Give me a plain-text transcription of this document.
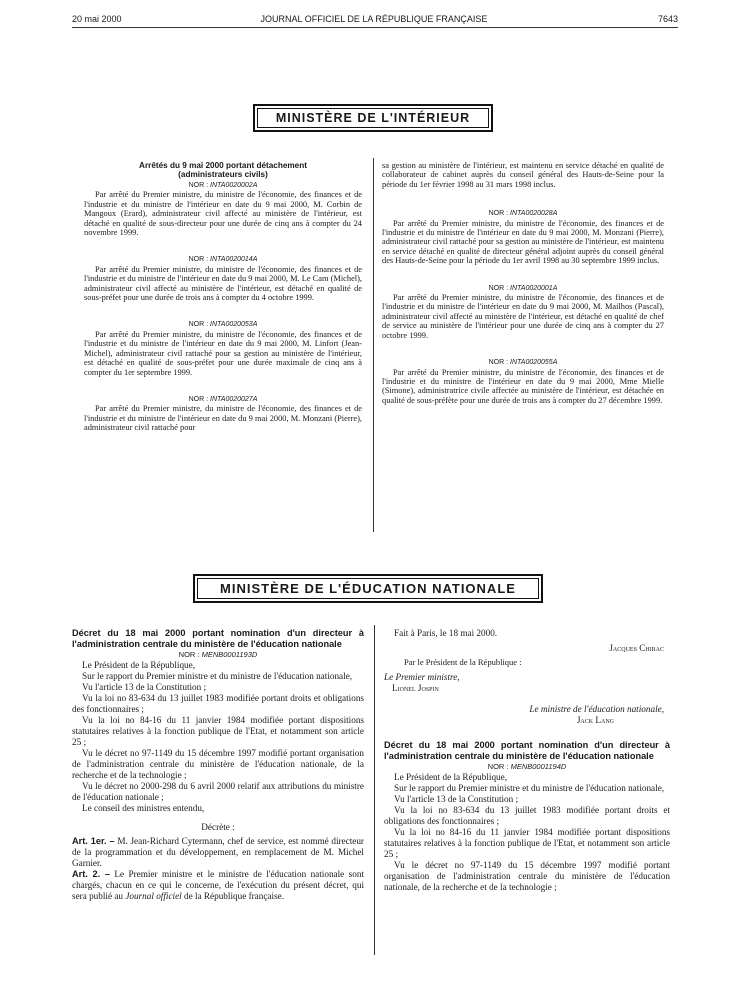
20 mai 2000	JOURNAL OFFICIEL DE LA RÉPUBLIQUE FRANÇAISE	7643
MINISTÈRE DE L'INTÉRIEUR

Arrêtés du 9 mai 2000 portant détachement

(administrateurs civils)

NOR : INTA0020002A

Par arrêté du Premier ministre, du ministre de l'économie, des finances et de l'industrie et du ministre de l'intérieur en date du 9 mai 2000, M. Corbin de Mangoux (Erard), administrateur civil affecté au ministère de l'intérieur, est détaché en qualité de sous-directeur pour une durée de cinq ans à compter du 24 novembre 1999.

NOR : INTA0020014A

Par arrêté du Premier ministre, du ministre de l'économie, des finances et de l'industrie et du ministre de l'intérieur en date du 9 mai 2000, M. Le Cam (Michel), administrateur civil affecté au ministère de l'intérieur, est détaché en qualité de sous-préfet pour une durée de trois ans à compter du 4 octobre 1999.

NOR : INTA0020053A

Par arrêté du Premier ministre, du ministre de l'économie, des finances et de l'industrie et du ministre de l'intérieur en date du 9 mai 2000, M. Linfort (Jean-Michel), administrateur civil rattaché pour sa gestion au ministère de l'intérieur, est détaché en qualité de sous-préfet pour une durée maximale de cinq ans à compter du 1er septembre 1999.

NOR : INTA0020027A

Par arrêté du Premier ministre, du ministre de l'économie, des finances et de l'industrie et du ministre de l'intérieur en date du 9 mai 2000, M. Monzani (Pierre), administrateur civil rattaché pour

sa gestion au ministère de l'intérieur, est maintenu en service détaché en qualité de collaborateur de cabinet auprès du conseil général des Hauts-de-Seine pour la période du 1er février 1998 au 31 mars 1998 inclus.

NOR : INTA0020028A

Par arrêté du Premier ministre, du ministre de l'économie, des finances et de l'industrie et du ministre de l'intérieur en date du 9 mai 2000, M. Monzani (Pierre), administrateur civil rattaché pour sa gestion au ministère de l'intérieur, est maintenu en service détaché en qualité de directeur général adjoint auprès du conseil général des Hauts-de-Seine pour la période du 1er avril 1998 au 30 septembre 1999 inclus.

NOR : INTA0020001A

Par arrêté du Premier ministre, du ministre de l'économie, des finances et de l'industrie et du ministre de l'intérieur en date du 9 mai 2000, M. Mailhos (Pascal), administrateur civil affecté au ministère de l'intérieur, est détaché en qualité de chef de service au ministère de l'intérieur pour une durée de cinq ans à compter du 27 octobre 1999.

NOR : INTA0020055A

Par arrêté du Premier ministre, du ministre de l'économie, des finances et de l'industrie et du ministre de l'intérieur en date du 9 mai 2000, Mme Mielle (Simone), administratrice civile affectée au ministère de l'intérieur, est détachée en qualité de sous-préfète pour une durée de trois ans à compter du 27 décembre 1999.

MINISTÈRE DE L'ÉDUCATION NATIONALE

Décret du 18 mai 2000 portant nomination d'un directeur à l'administration centrale du ministère de l'éducation nationale

NOR : MENB0001193D

Le Président de la République,

Sur le rapport du Premier ministre et du ministre de l'éducation nationale,

Vu l'article 13 de la Constitution ;

Vu la loi no 83-634 du 13 juillet 1983 modifiée portant droits et obligations des fonctionnaires ;

Vu la loi no 84-16 du 11 janvier 1984 modifiée portant dispositions statutaires relatives à la fonction publique de l'Etat, et notamment son article 25 ;

Vu le décret no 97-1149 du 15 décembre 1997 modifié portant organisation de l'administration centrale du ministère de l'éducation nationale, de la recherche et de la technologie ;

Vu le décret no 2000-298 du 6 avril 2000 relatif aux attributions du ministre de l'éducation nationale ;

Le conseil des ministres entendu,

Décrète :

Art. 1er. – M. Jean-Richard Cytermann, chef de service, est nommé directeur de la programmation et du développement, en remplacement de M. Michel Garnier.

Art. 2. – Le Premier ministre et le ministre de l'éducation nationale sont chargés, chacun en ce qui le concerne, de l'exécution du présent décret, qui sera publié au Journal officiel de la République française.

Fait à Paris, le 18 mai 2000.

Jacques Chirac

Par le Président de la République :

Le Premier ministre,

Lionel Jospin

Le ministre de l'éducation nationale,

Jack Lang

Décret du 18 mai 2000 portant nomination d'un directeur à l'administration centrale du ministère de l'éducation nationale

NOR : MENB0001194D

Le Président de la République,

Sur le rapport du Premier ministre et du ministre de l'éducation nationale,

Vu l'article 13 de la Constitution ;

Vu la loi no 83-634 du 13 juillet 1983 modifiée portant droits et obligations des fonctionnaires ;

Vu la loi no 84-16 du 11 janvier 1984 modifiée portant dispositions statutaires relatives à la fonction publique de l'Etat, et notamment son article 25 ;

Vu le décret no 97-1149 du 15 décembre 1997 modifié portant organisation de l'administration centrale du ministère de l'éducation nationale, de la recherche et de la technologie ;
